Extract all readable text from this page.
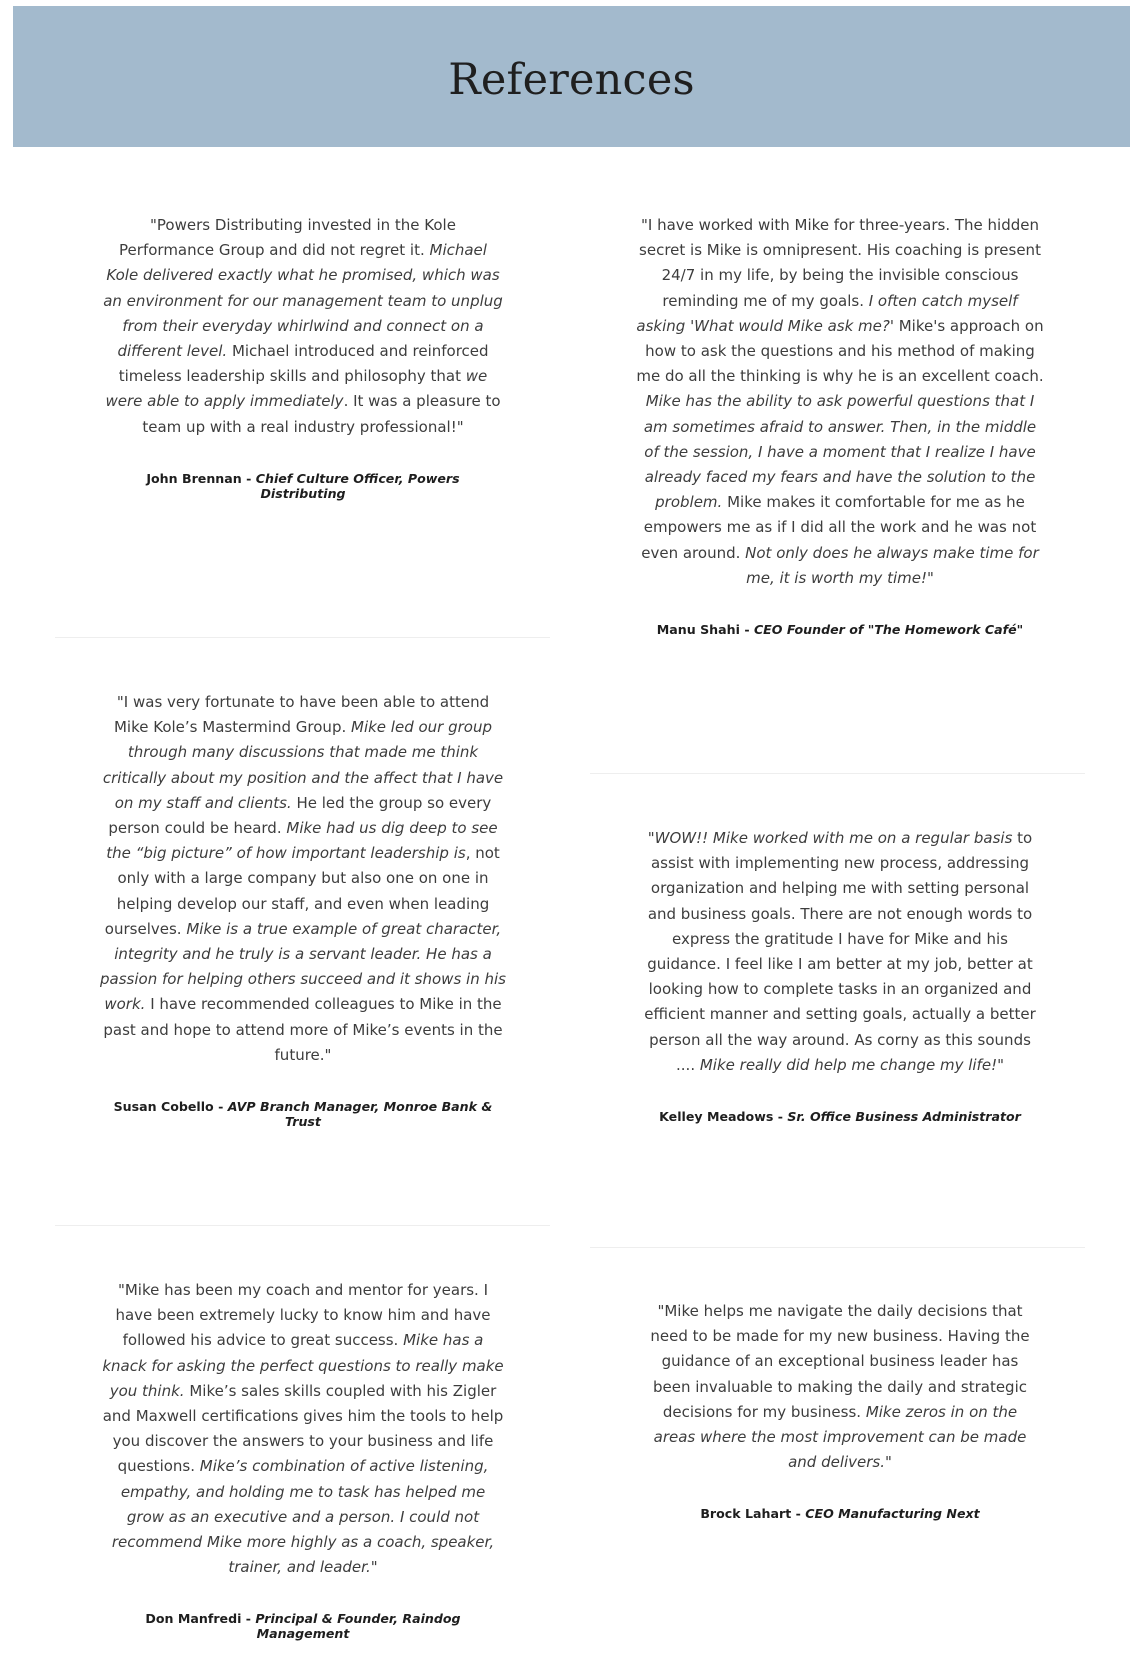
References
"Powers Distributing invested in the Kole Performance Group and did not regret it. Michael Kole delivered exactly what he promised, which was an environment for our management team to unplug from their everyday whirlwind and connect on a different level. Michael introduced and reinforced timeless leadership skills and philosophy that we were able to apply immediately. It was a pleasure to team up with a real industry professional!"
John Brennan - Chief Culture Officer, Powers Distributing
"I was very fortunate to have been able to attend Mike Kole’s Mastermind Group. Mike led our group through many discussions that made me think critically about my position and the affect that I have on my staff and clients. He led the group so every person could be heard. Mike had us dig deep to see the “big picture” of how important leadership is, not only with a large company but also one on one in helping develop our staff, and even when leading ourselves. Mike is a true example of great character, integrity and he truly is a servant leader. He has a passion for helping others succeed and it shows in his work. I have recommended colleagues to Mike in the past and hope to attend more of Mike’s events in the future."
Susan Cobello - AVP Branch Manager, Monroe Bank & Trust
"Mike has been my coach and mentor for years. I have been extremely lucky to know him and have followed his advice to great success. Mike has a knack for asking the perfect questions to really make you think. Mike’s sales skills coupled with his Zigler and Maxwell certifications gives him the tools to help you discover the answers to your business and life questions. Mike’s combination of active listening, empathy, and holding me to task has helped me grow as an executive and a person. I could not recommend Mike more highly as a coach, speaker, trainer, and leader."
Don Manfredi - Principal & Founder, Raindog Management
"I have worked with Mike for three-years. The hidden secret is Mike is omnipresent. His coaching is present 24/7 in my life, by being the invisible conscious reminding me of my goals. I often catch myself asking 'What would Mike ask me?' Mike's approach on how to ask the questions and his method of making me do all the thinking is why he is an excellent coach. Mike has the ability to ask powerful questions that I am sometimes afraid to answer. Then, in the middle of the session, I have a moment that I realize I have already faced my fears and have the solution to the problem. Mike makes it comfortable for me as he empowers me as if I did all the work and he was not even around. Not only does he always make time for me, it is worth my time!"
Manu Shahi - CEO Founder of "The Homework Café"
"WOW!! Mike worked with me on a regular basis to assist with implementing new process, addressing organization and helping me with setting personal and business goals. There are not enough words to express the gratitude I have for Mike and his guidance. I feel like I am better at my job, better at looking how to complete tasks in an organized and efficient manner and setting goals, actually a better person all the way around. As corny as this sounds .... Mike really did help me change my life!"
Kelley Meadows - Sr. Office Business Administrator
"Mike helps me navigate the daily decisions that need to be made for my new business. Having the guidance of an exceptional business leader has been invaluable to making the daily and strategic decisions for my business. Mike zeros in on the areas where the most improvement can be made and delivers."
Brock Lahart - CEO Manufacturing Next
